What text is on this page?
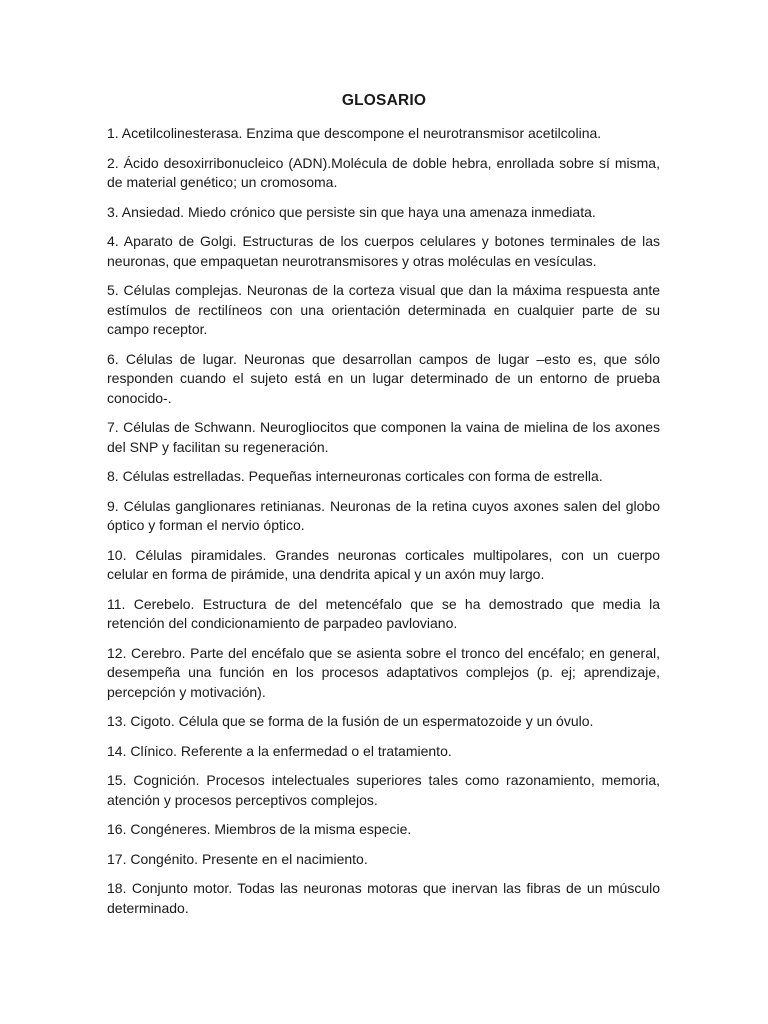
GLOSARIO
1. Acetilcolinesterasa. Enzima que descompone el neurotransmisor acetilcolina.
2. Ácido desoxirribonucleico (ADN).Molécula de doble hebra, enrollada sobre sí misma, de material genético; un cromosoma.
3. Ansiedad. Miedo crónico que persiste sin que haya una amenaza inmediata.
4. Aparato de Golgi. Estructuras de los cuerpos celulares y botones terminales de las neuronas, que empaquetan neurotransmisores y otras moléculas en vesículas.
5. Células complejas. Neuronas de la corteza visual que dan la máxima respuesta ante estímulos de rectilíneos con una orientación determinada en cualquier parte de su campo receptor.
6. Células de lugar. Neuronas que desarrollan campos de lugar –esto es, que sólo responden cuando el sujeto está en un lugar determinado de un entorno de prueba conocido-.
7. Células de Schwann. Neurogliocitos que componen la vaina de mielina de los axones del SNP y facilitan su regeneración.
8. Células estrelladas. Pequeñas interneuronas corticales con forma de estrella.
9. Células ganglionares retinianas. Neuronas de la retina cuyos axones salen del globo óptico y forman el nervio óptico.
10. Células piramidales. Grandes neuronas corticales multipolares, con un cuerpo celular en forma de pirámide, una dendrita apical y un axón muy largo.
11. Cerebelo. Estructura de del metencéfalo que se ha demostrado que media la retención del condicionamiento de parpadeo pavloviano.
12. Cerebro. Parte del encéfalo que se asienta sobre el tronco del encéfalo; en general, desempeña una función en los procesos adaptativos complejos (p. ej; aprendizaje, percepción y motivación).
13. Cigoto. Célula que se forma de la fusión de un espermatozoide y un óvulo.
14. Clínico. Referente a la enfermedad o el tratamiento.
15. Cognición. Procesos intelectuales superiores tales como razonamiento, memoria, atención y procesos perceptivos complejos.
16. Congéneres. Miembros de la misma especie.
17. Congénito. Presente en el nacimiento.
18. Conjunto motor. Todas las neuronas motoras que inervan las fibras de un músculo determinado.
